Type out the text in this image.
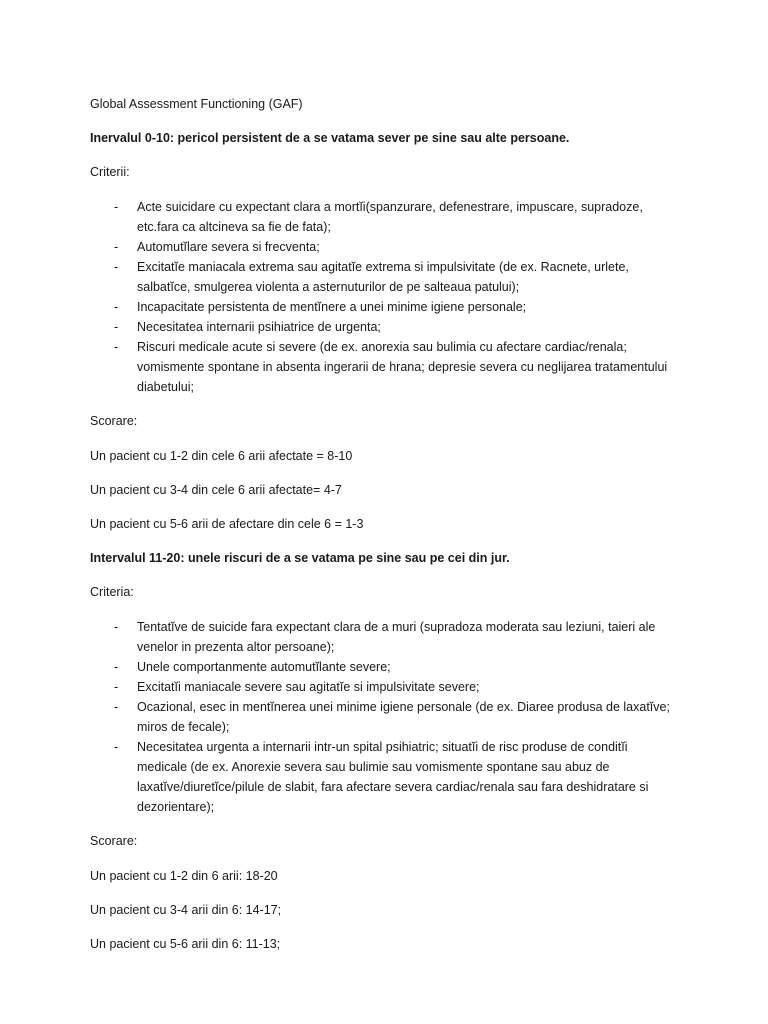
Global Assessment Functioning (GAF)

Inervalul 0-10: pericol persistent de a se vatama sever pe sine sau alte persoane.

Criterii:

- Acte suicidare cu expectant clara a mortĭi(spanzurare, defenestrare, impuscare, supradoze,
etc.fara ca altcineva sa fie de fata);
- Automutĭlare severa si frecventa;
- Excitatĭe maniacala extrema sau agitatĭe extrema si impulsivitate (de ex. Racnete, urlete,
salbatĭce, smulgerea violenta a asternuturilor de pe salteaua patului);
- Incapacitate persistenta de mentĭnere a unei minime igiene personale;
- Necesitatea internarii psihiatrice de urgenta;
- Riscuri medicale acute si severe (de ex. anorexia sau bulimia cu afectare cardiac/renala;
vomismente spontane in absenta ingerarii de hrana; depresie severa cu neglijarea tratamentului
diabetului;

Scorare:

Un pacient cu 1-2 din cele 6 arii afectate = 8-10

Un pacient cu 3-4 din cele 6 arii afectate= 4-7

Un pacient cu 5-6 arii de afectare din cele 6 = 1-3

Intervalul 11-20: unele riscuri de a se vatama pe sine sau pe cei din jur.

Criteria:

- Tentatĭve de suicide fara expectant clara de a muri (supradoza moderata sau leziuni, taieri ale
venelor in prezenta altor persoane);
- Unele comportanmente automutĭlante severe;
- Excitatĭi maniacale severe sau agitatĭe si impulsivitate severe;
- Ocazional, esec in mentĭnerea unei minime igiene personale (de ex. Diaree produsa de laxatĭve;
miros de fecale);
- Necesitatea urgenta a internarii intr-un spital psihiatric; situatĭi de risc produse de conditĭi
medicale (de ex. Anorexie severa sau bulimie sau vomismente spontane sau abuz de
laxatĭve/diuretĭce/pilule de slabit, fara afectare severa cardiac/renala sau fara deshidratare si
dezorientare);

Scorare:

Un pacient cu 1-2 din 6 arii: 18-20

Un pacient cu 3-4 arii din 6: 14-17;

Un pacient cu 5-6 arii din 6: 11-13;
